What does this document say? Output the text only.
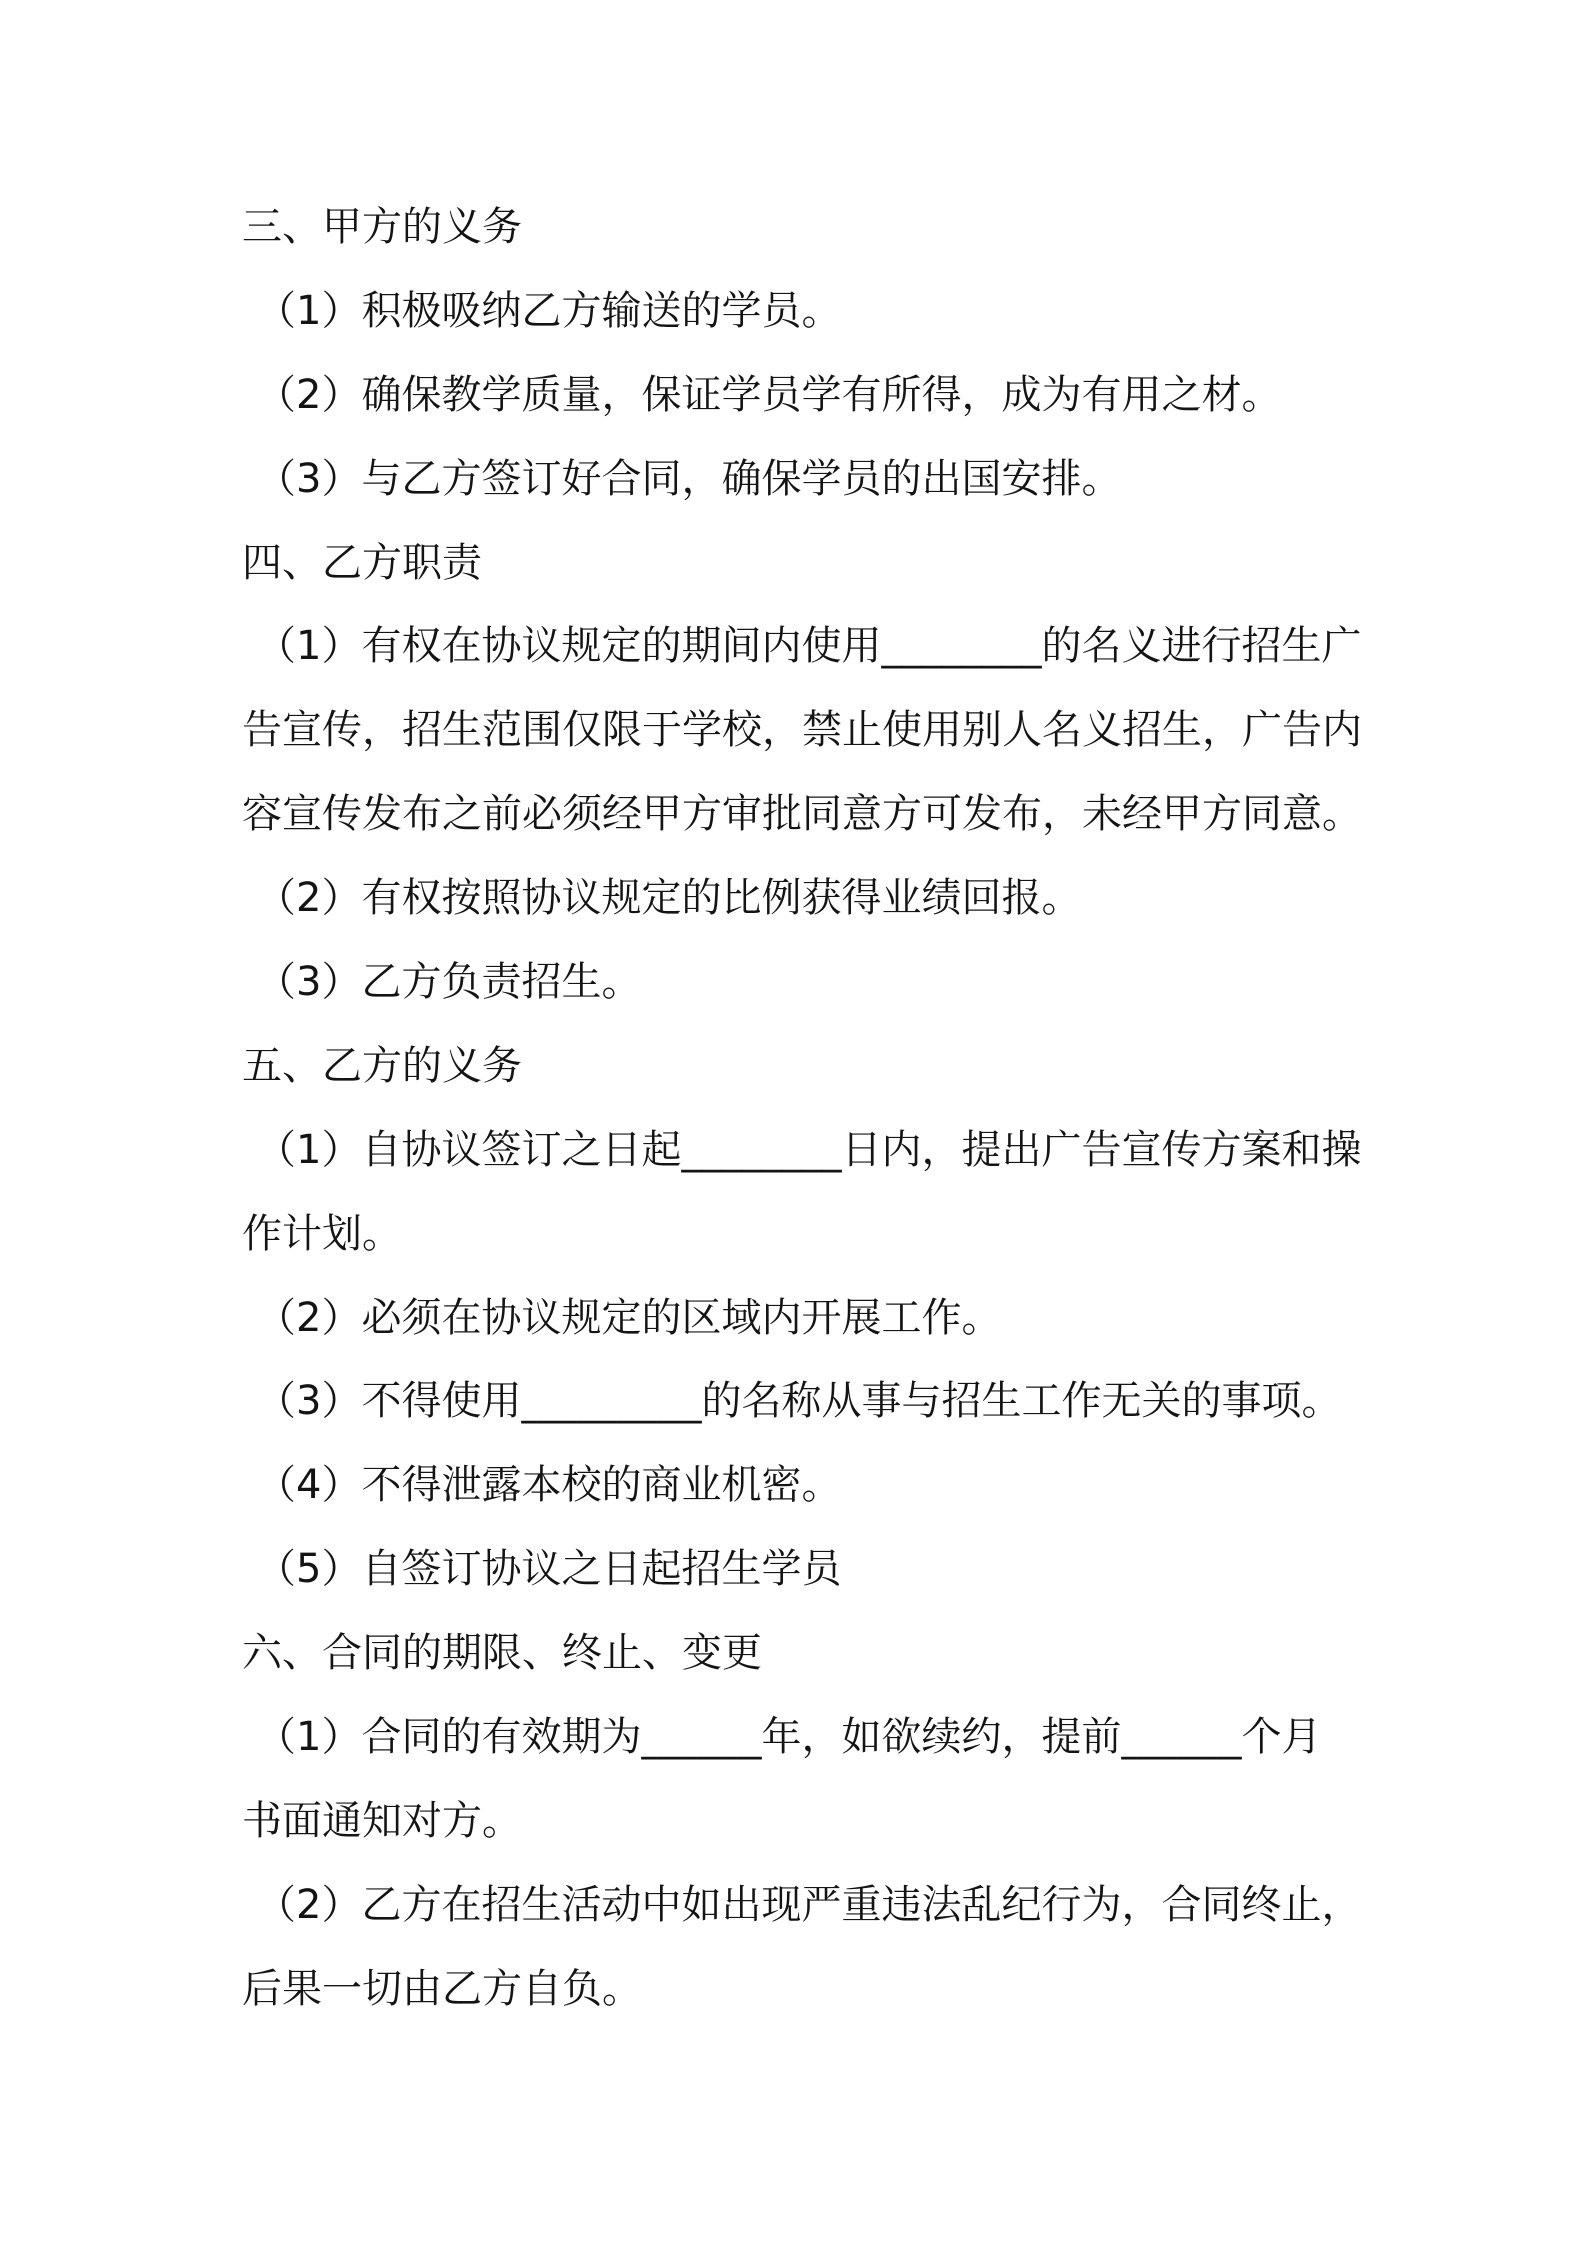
三、甲方的义务
（1）积极吸纳乙方输送的学员。
（2）确保教学质量，保证学员学有所得，成为有用之材。
（3）与乙方签订好合同，确保学员的出国安排。
四、乙方职责
（1）有权在协议规定的期间内使用________的名义进行招生广
告宣传，招生范围仅限于学校，禁止使用别人名义招生，广告内
容宣传发布之前必须经甲方审批同意方可发布，未经甲方同意。
（2）有权按照协议规定的比例获得业绩回报。
（3）乙方负责招生。
五、乙方的义务
（1）自协议签订之日起________日内，提出广告宣传方案和操
作计划。
（2）必须在协议规定的区域内开展工作。
（3）不得使用_________的名称从事与招生工作无关的事项。
（4）不得泄露本校的商业机密。
（5）自签订协议之日起招生学员
六、合同的期限、终止、变更
（1）合同的有效期为______年，如欲续约，提前______个月
书面通知对方。
（2）乙方在招生活动中如出现严重违法乱纪行为，合同终止，
后果一切由乙方自负。
